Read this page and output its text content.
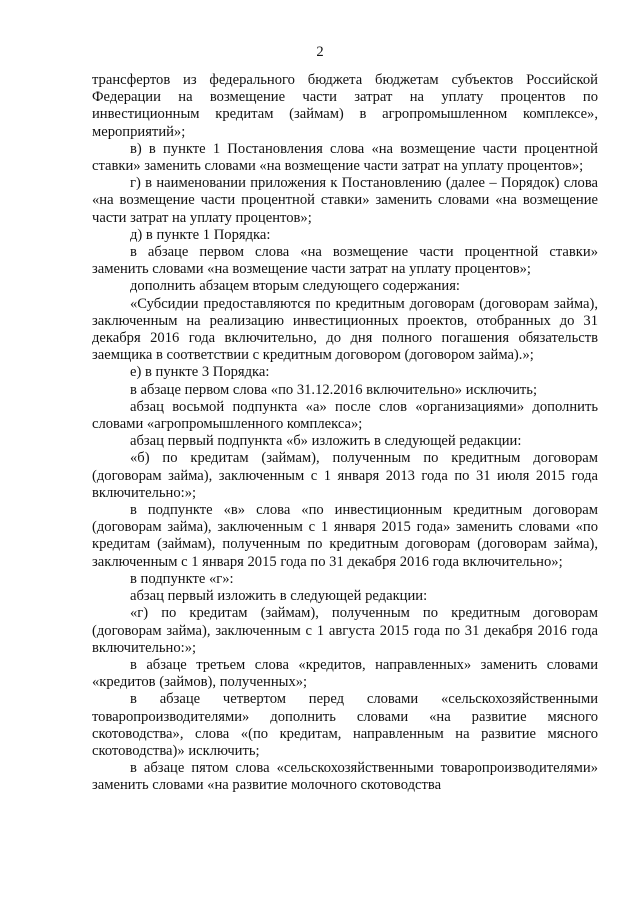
2

трансфертов из федерального бюджета бюджетам субъектов Российской Федерации на возмещение части затрат на уплату процентов по инвестиционным кредитам (займам) в агропромышленном комплексе», мероприятий»;

в) в пункте 1 Постановления слова «на возмещение части процентной ставки» заменить словами «на возмещение части затрат на уплату процентов»;

г) в наименовании приложения к Постановлению (далее – Порядок) слова «на возмещение части процентной ставки» заменить словами «на возмещение части затрат на уплату процентов»;

д) в пункте 1 Порядка:

в абзаце первом слова «на возмещение части процентной ставки» заменить словами «на возмещение части затрат на уплату процентов»;

дополнить абзацем вторым следующего содержания:

«Субсидии предоставляются по кредитным договорам (договорам займа), заключенным на реализацию инвестиционных проектов, отобранных до 31 декабря 2016 года включительно, до дня полного погашения обязательств заемщика в соответствии с кредитным договором (договором займа).»;

е) в пункте 3 Порядка:

в абзаце первом слова «по 31.12.2016 включительно» исключить;

абзац восьмой подпункта «а» после слов «организациями» дополнить словами «агропромышленного комплекса»;

абзац первый подпункта «б» изложить в следующей редакции:

«б) по кредитам (займам), полученным по кредитным договорам (договорам займа), заключенным с 1 января 2013 года по 31 июля 2015 года включительно:»;

в подпункте «в» слова «по инвестиционным кредитным договорам (договорам займа), заключенным с 1 января 2015 года» заменить словами «по кредитам (займам), полученным по кредитным договорам (договорам займа), заключенным с 1 января 2015 года по 31 декабря 2016 года включительно»;

в подпункте «г»:

абзац первый изложить в следующей редакции:

«г) по кредитам (займам), полученным по кредитным договорам (договорам займа), заключенным с 1 августа 2015 года по 31 декабря 2016 года включительно:»;

в абзаце третьем слова «кредитов, направленных» заменить словами «кредитов (займов), полученных»;

в абзаце четвертом перед словами «сельскохозяйственными товаропроизводителями» дополнить словами «на развитие мясного скотоводства», слова «(по кредитам, направленным на развитие мясного скотоводства)» исключить;

в абзаце пятом слова «сельскохозяйственными товаропроизводителями» заменить словами «на развитие молочного скотоводства
